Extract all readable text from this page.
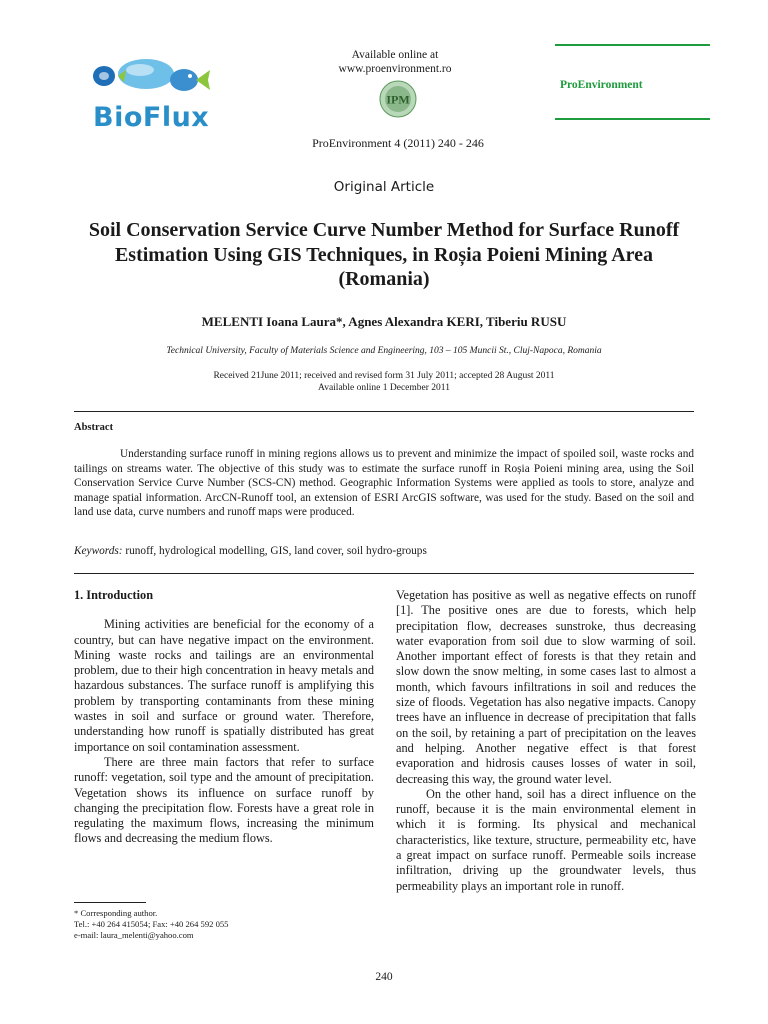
BioFlux
Available online at
www.proenvironment.ro
IPM
ProEnvironment
ProEnvironment 4 (2011) 240 - 246
Original Article
Soil Conservation Service Curve Number Method for Surface Runoff Estimation Using GIS Techniques, in Roșia Poieni Mining Area (Romania)
MELENTI Ioana Laura*, Agnes Alexandra KERI, Tiberiu RUSU
Technical University, Faculty of Materials Science and Engineering, 103 – 105 Muncii St., Cluj-Napoca, Romania
Received 21June 2011; received and revised form 31 July 2011; accepted 28 August 2011
Available online 1 December 2011
Abstract

Understanding surface runoff in mining regions allows us to prevent and minimize the impact of spoiled soil, waste rocks and tailings on streams water. The objective of this study was to estimate the surface runoff in Roșia Poieni mining area, using the Soil Conservation Service Curve Number (SCS-CN) method. Geographic Information Systems were applied as tools to store, analyze and manage spatial information. ArcCN-Runoff tool, an extension of ESRI ArcGIS software, was used for the study. Based on the soil and land use data, curve numbers and runoff maps were produced.

Keywords: runoff, hydrological modelling, GIS, land cover, soil hydro-groups

1. Introduction

Mining activities are beneficial for the economy of a country, but can have negative impact on the environment. Mining waste rocks and tailings are an environmental problem, due to their high concentration in heavy metals and hazardous substances. The surface runoff is amplifying this problem by transporting contaminants from these mining wastes in soil and surface or ground water. Therefore, understanding how runoff is spatially distributed has great importance on soil contamination assessment.

There are three main factors that refer to surface runoff: vegetation, soil type and the amount of precipitation. Vegetation shows its influence on surface runoff by changing the precipitation flow. Forests have a great role in regulating the maximum flows, increasing the minimum flows and decreasing the medium flows.

Vegetation has positive as well as negative effects on runoff [1]. The positive ones are due to forests, which help precipitation flow, decreases sunstroke, thus decreasing water evaporation from soil due to slow warming of soil. Another important effect of forests is that they retain and slow down the snow melting, in some cases last to almost a month, which favours infiltrations in soil and reduces the size of floods. Vegetation has also negative impacts. Canopy trees have an influence in decrease of precipitation that falls on the soil, by retaining a part of precipitation on the leaves and helping. Another negative effect is that forest evaporation and hidrosis causes losses of water in soil, decreasing this way, the ground water level.

On the other hand, soil has a direct influence on the runoff, because it is the main environmental element in which it is forming. Its physical and mechanical characteristics, like texture, structure, permeability etc, have a great impact on surface runoff. Permeable soils increase infiltration, driving up the groundwater levels, thus permeability plays an important role in runoff.

* Corresponding author.
Tel.: +40 264 415054; Fax: +40 264 592 055
e-mail: laura_melenti@yahoo.com
240
